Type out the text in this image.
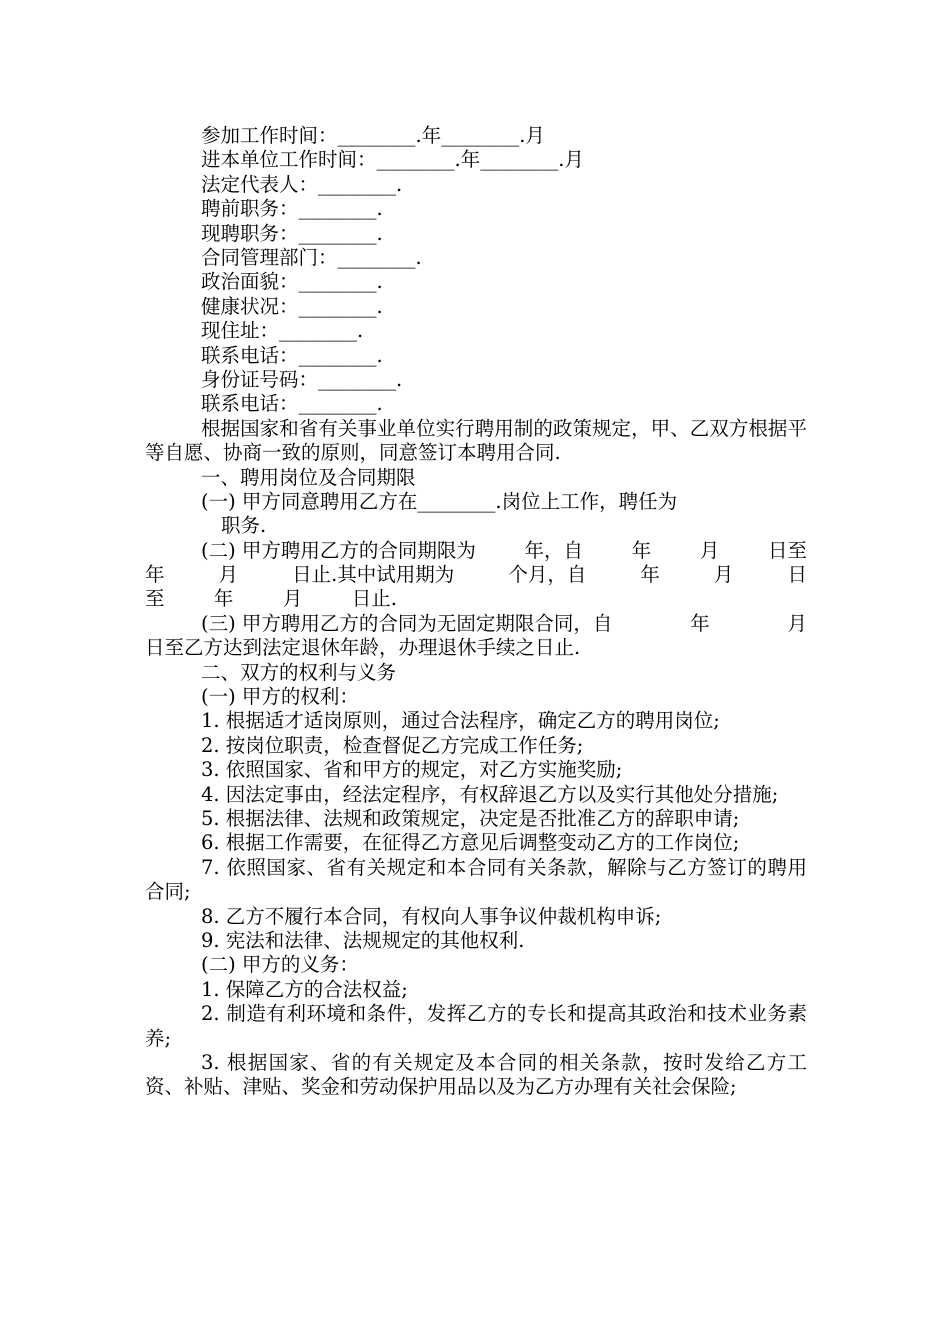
参加工作时间：________.年________.月
进本单位工作时间：________.年________.月
法定代表人：________.
聘前职务：________.
现聘职务：________.
合同管理部门：________.
政治面貌：________.
健康状况：________.
现住址：________.
联系电话：________.
身份证号码：________.
联系电话：________.
根据国家和省有关事业单位实行聘用制的政策规定，甲、乙双方根据平等自愿、协商一致的原则，同意签订本聘用合同.
一、聘用岗位及合同期限
(一) 甲方同意聘用乙方在________.岗位上工作，聘任为
职务.
(二) 甲方聘用乙方的合同期限为 年，自 年 月 日至
年	月	日止.其中试用期为	个月，自	年	月	日
至	年	月	日止.
(三) 甲方聘用乙方的合同为无固定期限合同，自	年	月
日至乙方达到法定退休年龄，办理退休手续之日止.
二、双方的权利与义务
(一) 甲方的权利：
1. 根据适才适岗原则，通过合法程序，确定乙方的聘用岗位;
2. 按岗位职责，检查督促乙方完成工作任务;
3. 依照国家、省和甲方的规定，对乙方实施奖励;
4. 因法定事由，经法定程序，有权辞退乙方以及实行其他处分措施;
5. 根据法律、法规和政策规定，决定是否批准乙方的辞职申请;
6. 根据工作需要，在征得乙方意见后调整变动乙方的工作岗位;
7. 依照国家、省有关规定和本合同有关条款，解除与乙方签订的聘用合同;
8. 乙方不履行本合同，有权向人事争议仲裁机构申诉;
9. 宪法和法律、法规规定的其他权利.
(二) 甲方的义务：
1. 保障乙方的合法权益;
2. 制造有利环境和条件，发挥乙方的专长和提高其政治和技术业务素养;
3. 根据国家、省的有关规定及本合同的相关条款，按时发给乙方工资、补贴、津贴、奖金和劳动保护用品以及为乙方办理有关社会保险;
